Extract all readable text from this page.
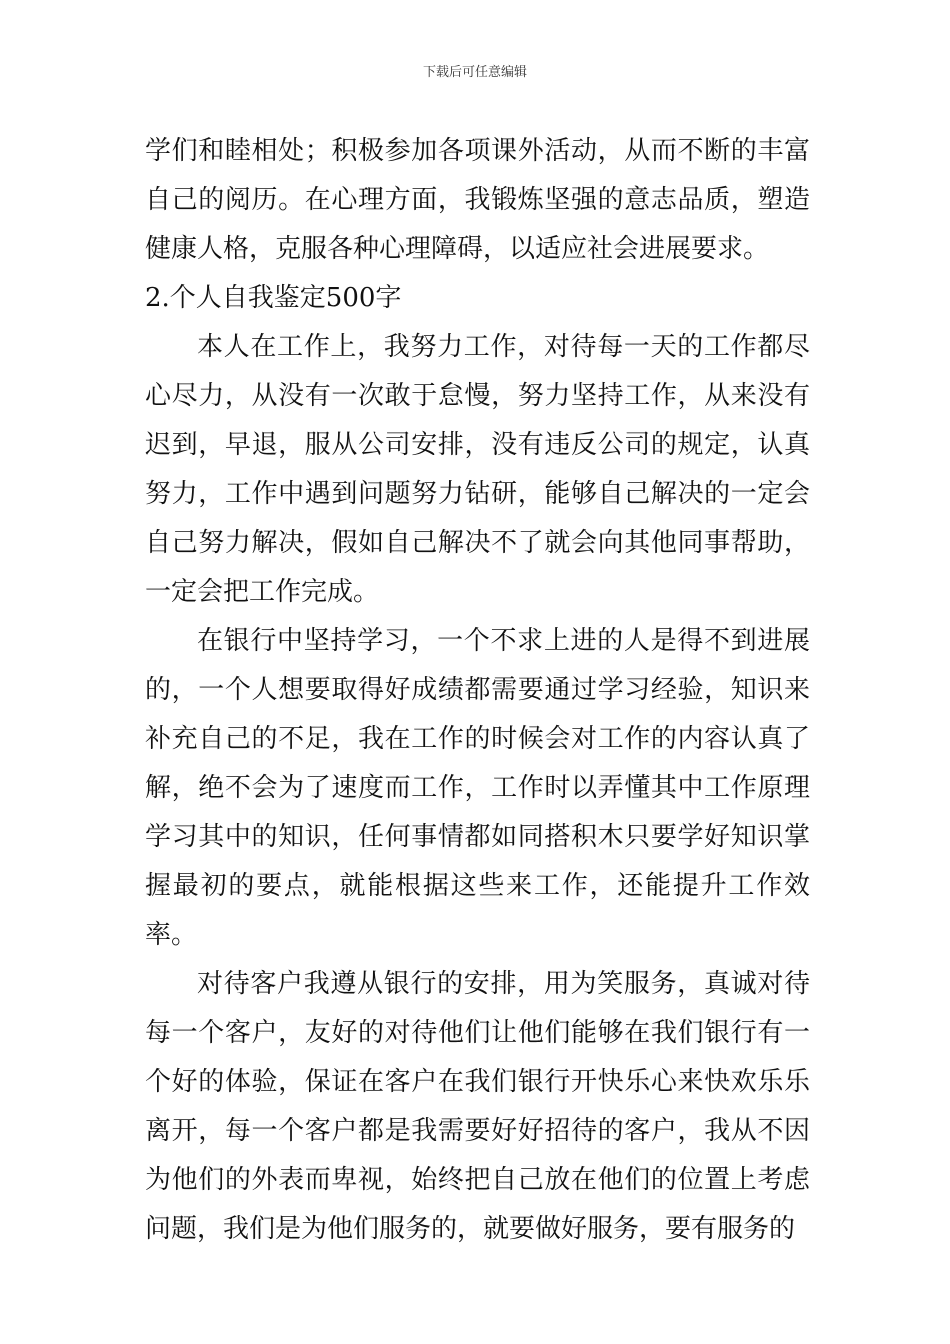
下载后可任意编辑

学们和睦相处；积极参加各项课外活动，从而不断的丰富自己的阅历。在心理方面，我锻炼坚强的意志品质，塑造健康人格，克服各种心理障碍，以适应社会进展要求。

2.个人自我鉴定500字

本人在工作上，我努力工作，对待每一天的工作都尽心尽力，从没有一次敢于怠慢，努力坚持工作，从来没有迟到，早退，服从公司安排，没有违反公司的规定，认真努力，工作中遇到问题努力钻研，能够自己解决的一定会自己努力解决，假如自己解决不了就会向其他同事帮助，一定会把工作完成。

在银行中坚持学习，一个不求上进的人是得不到进展的，一个人想要取得好成绩都需要通过学习经验，知识来补充自己的不足，我在工作的时候会对工作的内容认真了解，绝不会为了速度而工作，工作时以弄懂其中工作原理学习其中的知识，任何事情都如同搭积木只要学好知识掌握最初的要点，就能根据这些来工作，还能提升工作效率。

对待客户我遵从银行的安排，用为笑服务，真诚对待每一个客户，友好的对待他们让他们能够在我们银行有一个好的体验，保证在客户在我们银行开快乐心来快欢乐乐离开，每一个客户都是我需要好好招待的客户，我从不因为他们的外表而卑视，始终把自己放在他们的位置上考虑问题，我们是为他们服务的，就要做好服务，要有服务的
